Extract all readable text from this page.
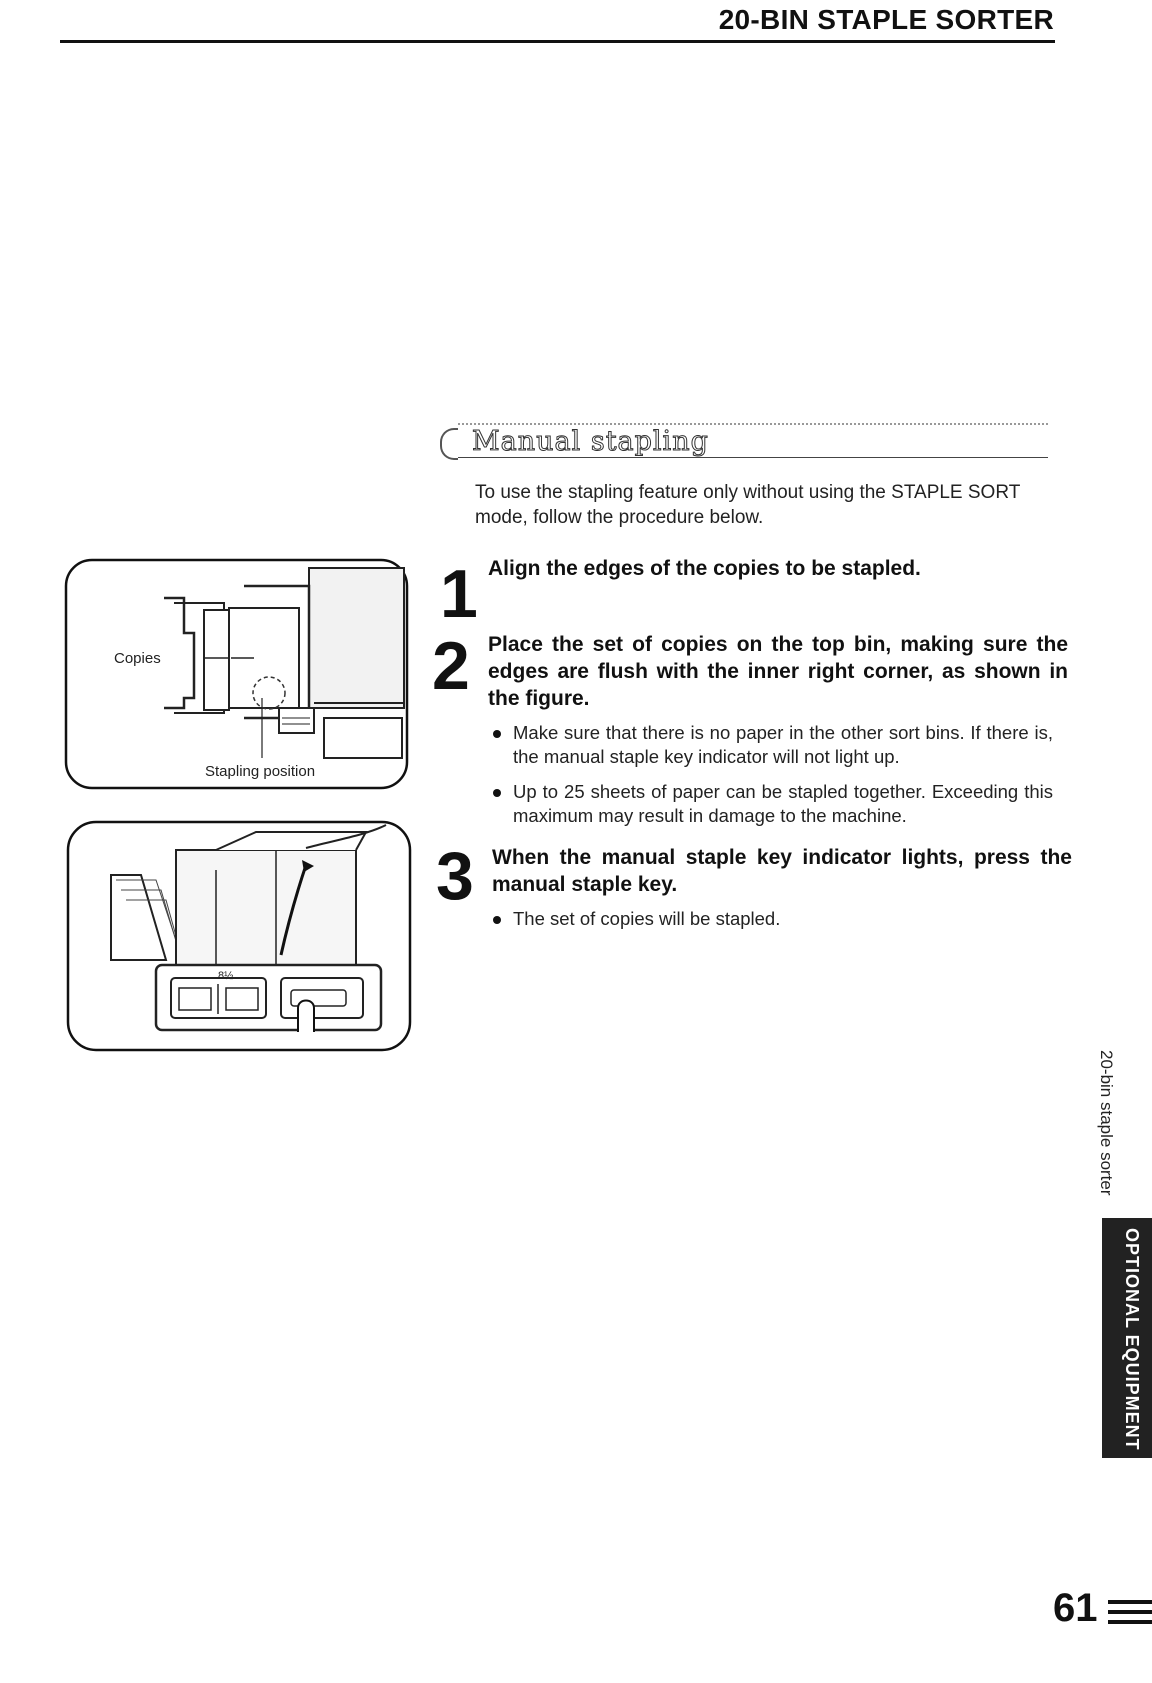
20-BIN STAPLE SORTER
Manual stapling
To use the stapling feature only without using the STAPLE SORT mode, follow the procedure below.
1 Align the edges of the copies to be stapled.
2 Place the set of copies on the top bin, making sure the edges are flush with the inner right corner, as shown in the figure.
Make sure that there is no paper in the other sort bins. If there is, the manual staple key indicator will not light up.
Up to 25 sheets of paper can be stapled together. Exceeding this maximum may result in damage to the machine.
3 When the manual staple key indicator lights, press the manual staple key.
The set of copies will be stapled.
Copies
Stapling position
8½
20-bin staple sorter
OPTIONAL EQUIPMENT
61
